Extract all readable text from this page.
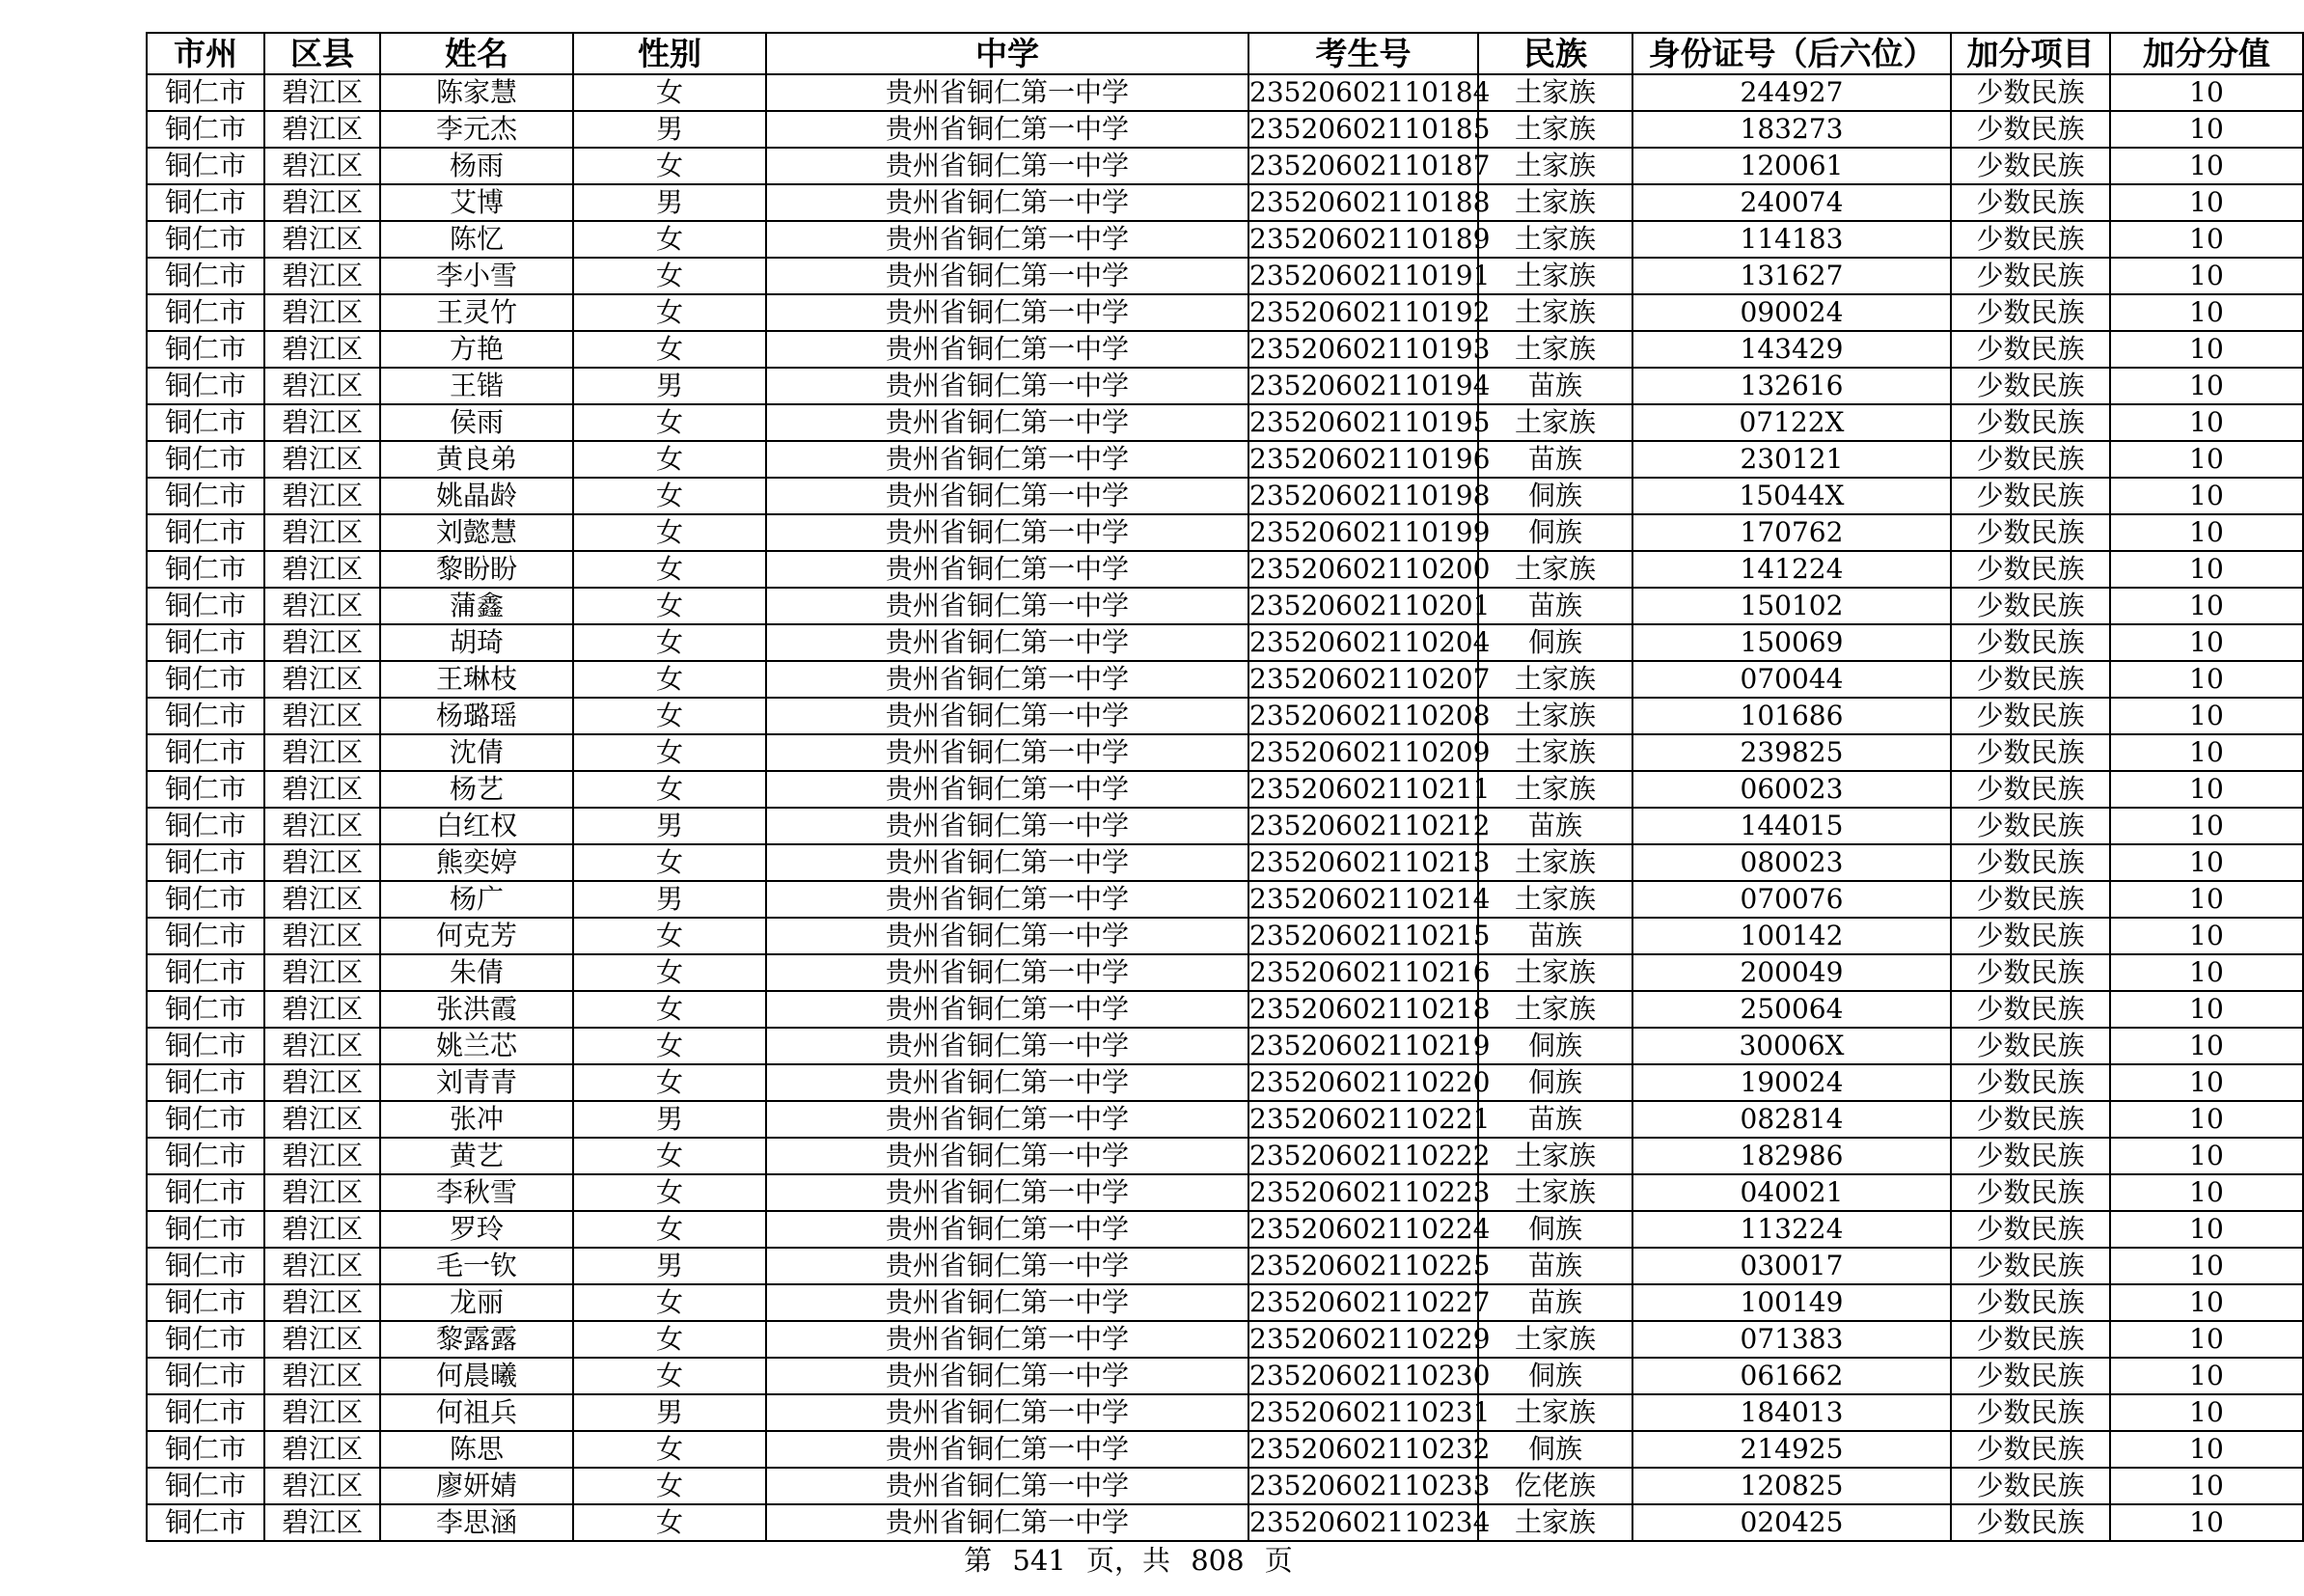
市州	区县	姓名	性别	中学	考生号	民族	身份证号（后六位）	加分项目	加分分值
铜仁市	碧江区	陈家慧	女	贵州省铜仁第一中学	23520602110184	土家族	244927	少数民族	10
铜仁市	碧江区	李元杰	男	贵州省铜仁第一中学	23520602110185	土家族	183273	少数民族	10
铜仁市	碧江区	杨雨	女	贵州省铜仁第一中学	23520602110187	土家族	120061	少数民族	10
铜仁市	碧江区	艾博	男	贵州省铜仁第一中学	23520602110188	土家族	240074	少数民族	10
铜仁市	碧江区	陈忆	女	贵州省铜仁第一中学	23520602110189	土家族	114183	少数民族	10
铜仁市	碧江区	李小雪	女	贵州省铜仁第一中学	23520602110191	土家族	131627	少数民族	10
铜仁市	碧江区	王灵竹	女	贵州省铜仁第一中学	23520602110192	土家族	090024	少数民族	10
铜仁市	碧江区	方艳	女	贵州省铜仁第一中学	23520602110193	土家族	143429	少数民族	10
铜仁市	碧江区	王锴	男	贵州省铜仁第一中学	23520602110194	苗族	132616	少数民族	10
铜仁市	碧江区	侯雨	女	贵州省铜仁第一中学	23520602110195	土家族	07122X	少数民族	10
铜仁市	碧江区	黄良弟	女	贵州省铜仁第一中学	23520602110196	苗族	230121	少数民族	10
铜仁市	碧江区	姚晶龄	女	贵州省铜仁第一中学	23520602110198	侗族	15044X	少数民族	10
铜仁市	碧江区	刘懿慧	女	贵州省铜仁第一中学	23520602110199	侗族	170762	少数民族	10
铜仁市	碧江区	黎盼盼	女	贵州省铜仁第一中学	23520602110200	土家族	141224	少数民族	10
铜仁市	碧江区	蒲鑫	女	贵州省铜仁第一中学	23520602110201	苗族	150102	少数民族	10
铜仁市	碧江区	胡琦	女	贵州省铜仁第一中学	23520602110204	侗族	150069	少数民族	10
铜仁市	碧江区	王琳枝	女	贵州省铜仁第一中学	23520602110207	土家族	070044	少数民族	10
铜仁市	碧江区	杨璐瑶	女	贵州省铜仁第一中学	23520602110208	土家族	101686	少数民族	10
铜仁市	碧江区	沈倩	女	贵州省铜仁第一中学	23520602110209	土家族	239825	少数民族	10
铜仁市	碧江区	杨艺	女	贵州省铜仁第一中学	23520602110211	土家族	060023	少数民族	10
铜仁市	碧江区	白红权	男	贵州省铜仁第一中学	23520602110212	苗族	144015	少数民族	10
铜仁市	碧江区	熊奕婷	女	贵州省铜仁第一中学	23520602110213	土家族	080023	少数民族	10
铜仁市	碧江区	杨广	男	贵州省铜仁第一中学	23520602110214	土家族	070076	少数民族	10
铜仁市	碧江区	何克芳	女	贵州省铜仁第一中学	23520602110215	苗族	100142	少数民族	10
铜仁市	碧江区	朱倩	女	贵州省铜仁第一中学	23520602110216	土家族	200049	少数民族	10
铜仁市	碧江区	张洪霞	女	贵州省铜仁第一中学	23520602110218	土家族	250064	少数民族	10
铜仁市	碧江区	姚兰芯	女	贵州省铜仁第一中学	23520602110219	侗族	30006X	少数民族	10
铜仁市	碧江区	刘青青	女	贵州省铜仁第一中学	23520602110220	侗族	190024	少数民族	10
铜仁市	碧江区	张冲	男	贵州省铜仁第一中学	23520602110221	苗族	082814	少数民族	10
铜仁市	碧江区	黄艺	女	贵州省铜仁第一中学	23520602110222	土家族	182986	少数民族	10
铜仁市	碧江区	李秋雪	女	贵州省铜仁第一中学	23520602110223	土家族	040021	少数民族	10
铜仁市	碧江区	罗玲	女	贵州省铜仁第一中学	23520602110224	侗族	113224	少数民族	10
铜仁市	碧江区	毛一钦	男	贵州省铜仁第一中学	23520602110225	苗族	030017	少数民族	10
铜仁市	碧江区	龙丽	女	贵州省铜仁第一中学	23520602110227	苗族	100149	少数民族	10
铜仁市	碧江区	黎露露	女	贵州省铜仁第一中学	23520602110229	土家族	071383	少数民族	10
铜仁市	碧江区	何晨曦	女	贵州省铜仁第一中学	23520602110230	侗族	061662	少数民族	10
铜仁市	碧江区	何祖兵	男	贵州省铜仁第一中学	23520602110231	土家族	184013	少数民族	10
铜仁市	碧江区	陈思	女	贵州省铜仁第一中学	23520602110232	侗族	214925	少数民族	10
铜仁市	碧江区	廖妍婧	女	贵州省铜仁第一中学	23520602110233	仡佬族	120825	少数民族	10
铜仁市	碧江区	李思涵	女	贵州省铜仁第一中学	23520602110234	土家族	020425	少数民族	10
第 541 页，共 808 页
